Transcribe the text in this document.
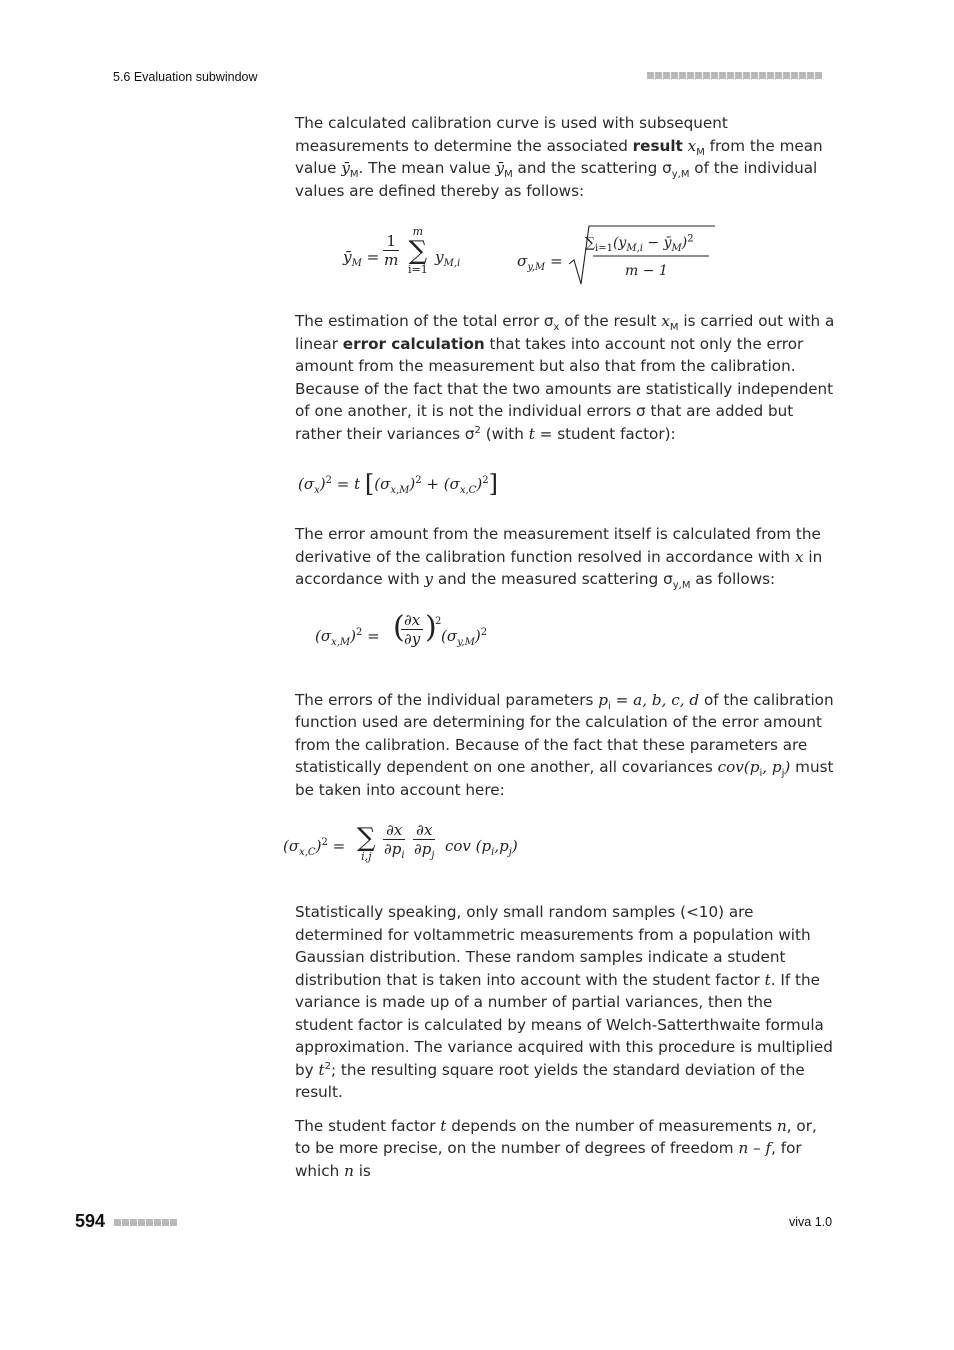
5.6 Evaluation subwindow

The calculated calibration curve is used with subsequent measurements to determine the associated result $x_M$ from the mean value $ȳ_M$. The mean value $ȳ_M$ and the scattering $\sigma_{y,M}$ of the individual values are defined thereby as follows:

$ȳ_M = \frac{1}{m}$
m
∑
i=1
$y_{M,i}$	$\sigma_{y,M}$ =
$\sum_{i=1}(y_{M,i}$ − $ȳ_M)^2$
m − 1

The estimation of the total error $\sigma_x$ of the result $x_M$ is carried out with a linear error calculation that takes into account not only the error amount from the measurement but also that from the calibration. Because of the fact that the two amounts are statistically independent of one another, it is not the individual errors σ that are added but rather their variances $\sigma^2$ (with t = student factor):

$(\sigma_x)^2 = t$ $[(\sigma_{x,M})^2 + (\sigma_{x,C})^2]$

The error amount from the measurement itself is calculated from the derivative of the calibration function resolved in accordance with x in accordance with y and the measured scattering $\sigma_{y,M}$ as follows:

$(\sigma_{x,M})^2$ = (
$\frac{\partial x}{\partial y}$ )
2
$(\sigma_{y,M})^2$

The errors of the individual parameters $p_i = a$, b, c, d of the calibration function used are determining for the calculation of the error amount from the calibration. Because of the fact that these parameters are statistically dependent on one another, all covariances $cov(p_i$, $p_j$) must be taken into account here:

$(\sigma_{x,C})^2$ = ∑
$i,j \frac{\partial x}{\partial p_i} \frac{\partial x}{\partial p_j}$ cov $(p_i,p_j)$

Statistically speaking, only small random samples (<10) are determined for voltammetric measurements from a population with Gaussian distribution. These random samples indicate a student distribution that is taken into account with the student factor t. If the variance is made up of a number of partial variances, then the student factor is calculated by means of Welch-Satterthwaite formula approximation. The variance acquired with this procedure is multiplied by $t^2$; the resulting square root yields the standard deviation of the result.

The student factor t depends on the number of measurements n, or, to be more precise, on the number of degrees of freedom n – f, for which n is

594	viva 1.0
